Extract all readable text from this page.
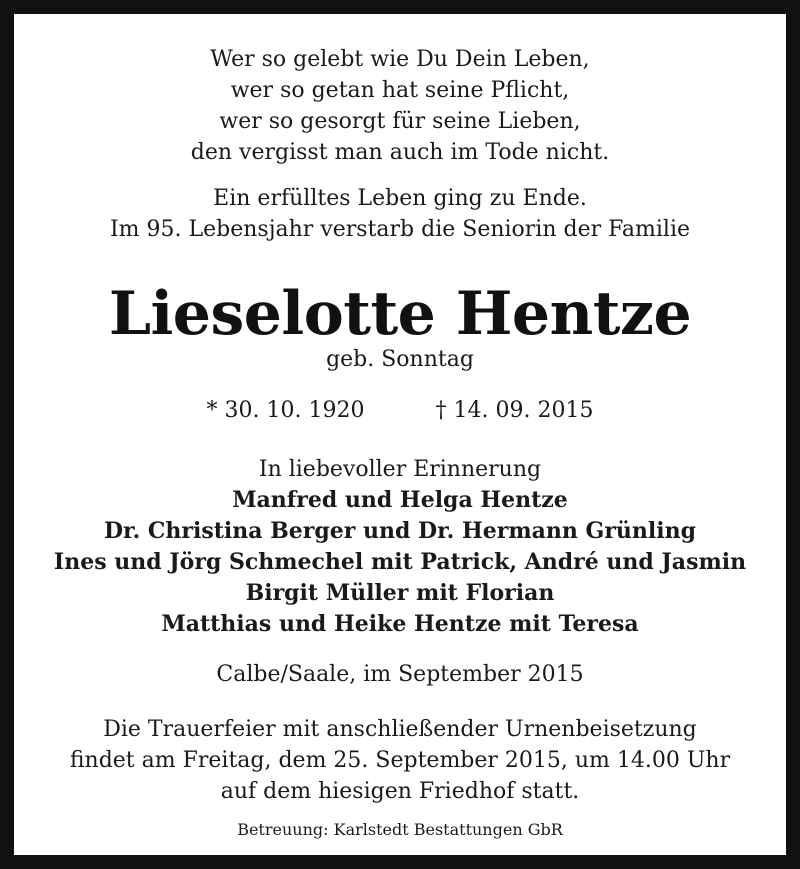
Wer so gelebt wie Du Dein Leben,
wer so getan hat seine Pflicht,
wer so gesorgt für seine Lieben,
den vergisst man auch im Tode nicht.
Ein erfülltes Leben ging zu Ende.
Im 95. Lebensjahr verstarb die Seniorin der Familie
Lieselotte Hentze
geb. Sonntag
* 30. 10. 1920	† 14. 09. 2015
In liebevoller Erinnerung
Manfred und Helga Hentze
Dr. Christina Berger und Dr. Hermann Grünling
Ines und Jörg Schmechel mit Patrick, André und Jasmin
Birgit Müller mit Florian
Matthias und Heike Hentze mit Teresa
Calbe/Saale, im September 2015
Die Trauerfeier mit anschließender Urnenbeisetzung
findet am Freitag, dem 25. September 2015, um 14.00 Uhr
auf dem hiesigen Friedhof statt.
Betreuung: Karlstedt Bestattungen GbR
